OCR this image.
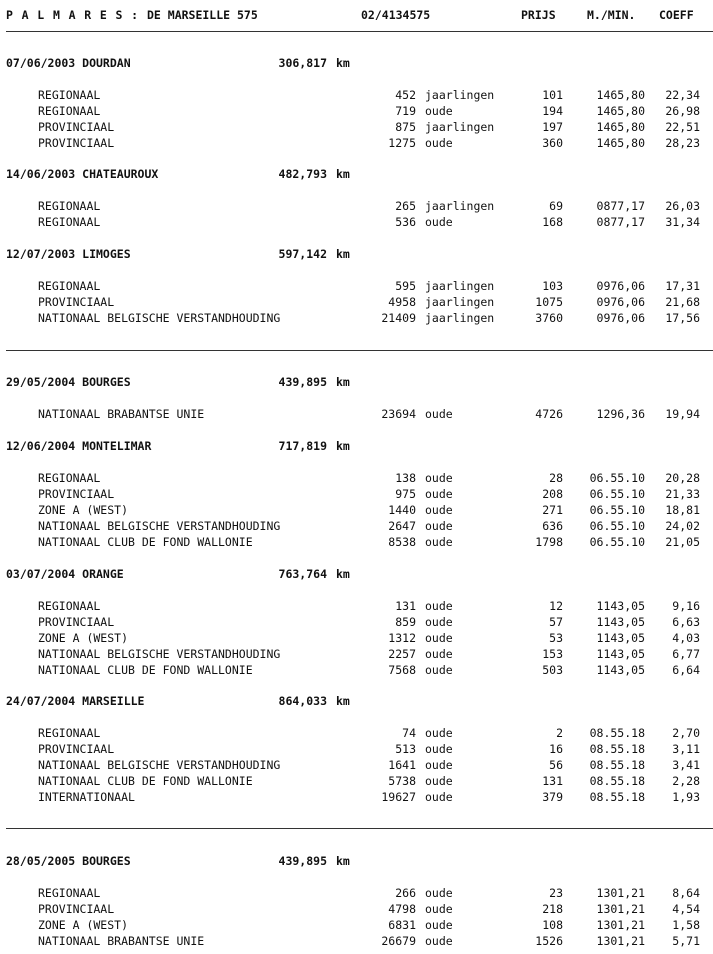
P A L M A R E S : DE MARSEILLE 575	02/4134575	PRIJS	M./MIN. COEFF
07/06/2003 DOURDAN	306,817 km
REGIONAAL	452 jaarlingen	101	1465,80	22,34
REGIONAAL	719 oude	194	1465,80	26,98
PROVINCIAAL	875 jaarlingen	197	1465,80	22,51
PROVINCIAAL	1275 oude	360	1465,80	28,23
14/06/2003 CHATEAUROUX	482,793 km
REGIONAAL	265 jaarlingen	69	0877,17	26,03
REGIONAAL	536 oude	168	0877,17	31,34
12/07/2003 LIMOGES	597,142 km
REGIONAAL	595 jaarlingen	103	0976,06	17,31
PROVINCIAAL	4958 jaarlingen	1075	0976,06	21,68
NATIONAAL BELGISCHE VERSTANDHOUDING	21409 jaarlingen	3760	0976,06	17,56
29/05/2004 BOURGES	439,895 km
NATIONAAL BRABANTSE UNIE	23694 oude	4726	1296,36	19,94
12/06/2004 MONTELIMAR	717,819 km
REGIONAAL	138 oude	28	06.55.10	20,28
PROVINCIAAL	975 oude	208	06.55.10	21,33
ZONE A (WEST)	1440 oude	271	06.55.10	18,81
NATIONAAL BELGISCHE VERSTANDHOUDING	2647 oude	636	06.55.10	24,02
NATIONAAL CLUB DE FOND WALLONIE	8538 oude	1798	06.55.10	21,05
03/07/2004 ORANGE	763,764 km
REGIONAAL	131 oude	12	1143,05	9,16
PROVINCIAAL	859 oude	57	1143,05	6,63
ZONE A (WEST)	1312 oude	53	1143,05	4,03
NATIONAAL BELGISCHE VERSTANDHOUDING	2257 oude	153	1143,05	6,77
NATIONAAL CLUB DE FOND WALLONIE	7568 oude	503	1143,05	6,64
24/07/2004 MARSEILLE	864,033 km
REGIONAAL	74 oude	2	08.55.18	2,70
PROVINCIAAL	513 oude	16	08.55.18	3,11
NATIONAAL BELGISCHE VERSTANDHOUDING	1641 oude	56	08.55.18	3,41
NATIONAAL CLUB DE FOND WALLONIE	5738 oude	131	08.55.18	2,28
INTERNATIONAAL	19627 oude	379	08.55.18	1,93
28/05/2005 BOURGES	439,895 km
REGIONAAL	266 oude	23	1301,21	8,64
PROVINCIAAL	4798 oude	218	1301,21	4,54
ZONE A (WEST)	6831 oude	108	1301,21	1,58
NATIONAAL BRABANTSE UNIE	26679 oude	1526	1301,21	5,71
